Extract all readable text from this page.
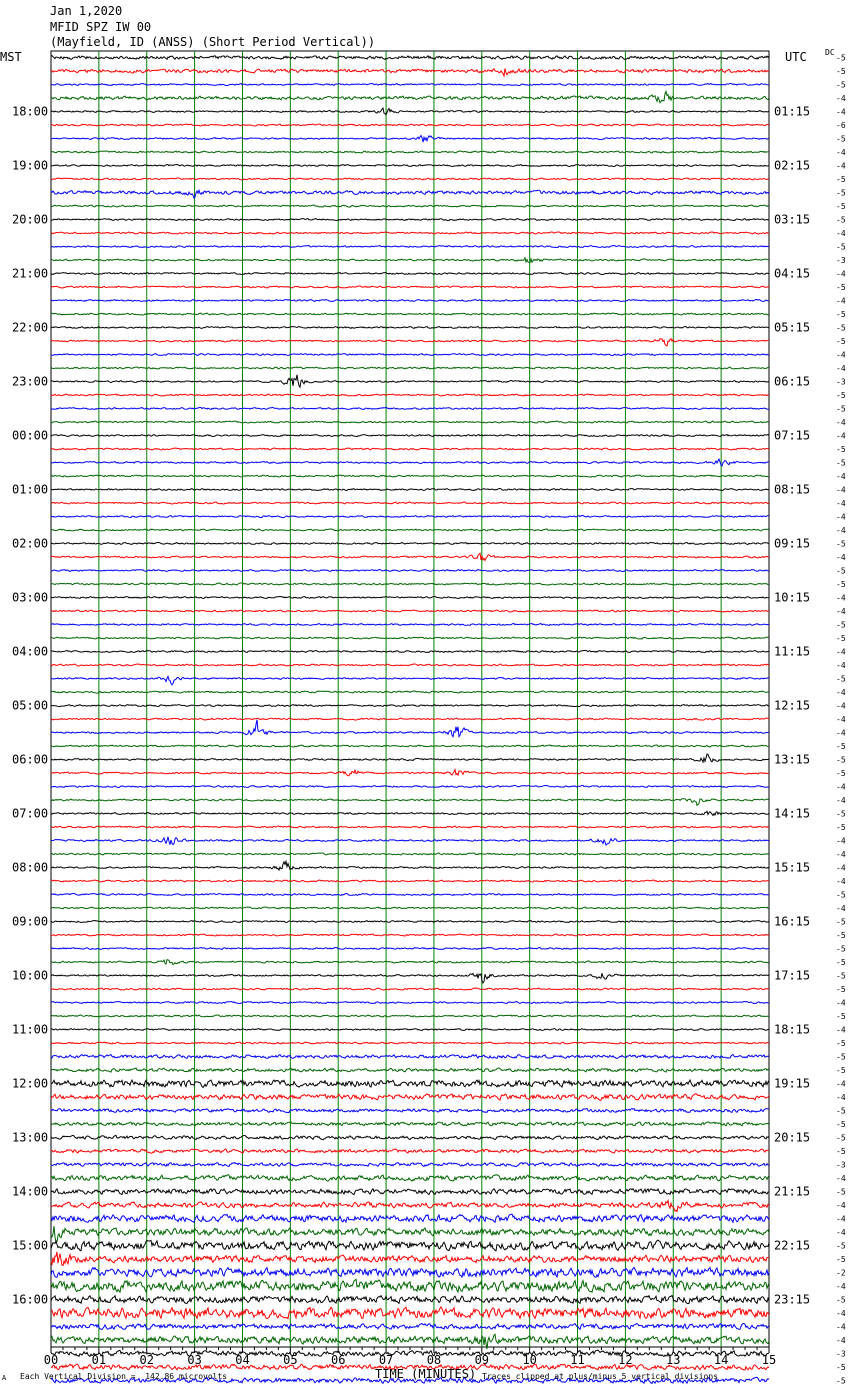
Jan 1,2020
MFID SPZ IW 00
(Mayfield, ID (ANSS) (Short Period Vertical))
MST	UTC DC
00	01	02	03	04	05	06	07	08	09	10	11	12	13	14	15
-5
-5
-5
-4
-4
-6
-5
-4
-4
-5
-5
-5
-5
-4
-5
-3
-4
-5
-4
-5
-5
-5
-4
-4
-3
-5
-5
-4
-4
-5
-5
-4
-4
-4
-4
-4
-5
-4
-5
-5
-4
-4
-5
-5
-4
-4
-5
-4
-4
-4
-4
-5
-5
-5
-4
-4
-5
-5
-4
-4
-4
-4
-5
-4
-5
-5
-5
-5
-5
-5
-4
-5
-4
-5
-5
-5
-4
-4
-5
-5
-5
-5
-3
-4
-5
-4
-4
-4
-5
-5
-2
-4
-5
-4
-4
-4
-3
-5
-5
18:00
19:00
20:00
21:00
22:00
23:00
00:00
01:00
02:00
03:00
04:00
05:00
06:00
07:00
08:00
09:00
10:00
11:00
12:00
13:00
14:00
15:00
16:00
01:15
02:15
03:15
04:15
05:15
06:15
07:15
08:15
09:15
10:15
11:15
12:15
13:15
14:15
15:15
16:15
17:15
18:15
19:15
20:15
21:15
22:15
23:15
TIME (MINUTES)
A Each Vertical Division =  142.86 microvolts	Traces clipped at plus/minus 5 vertical divisions
